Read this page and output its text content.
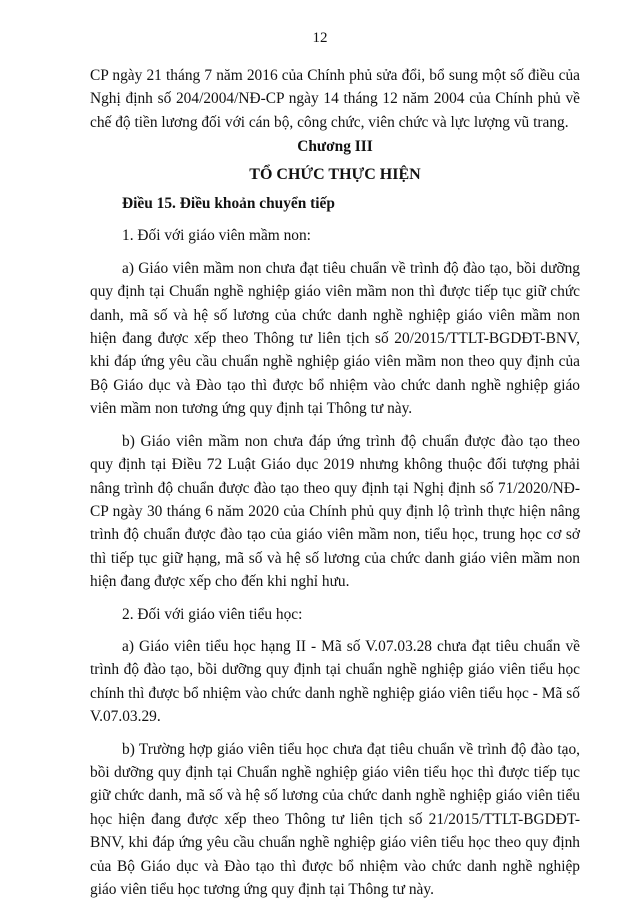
12

CP ngày 21 tháng 7 năm 2016 của Chính phủ sửa đổi, bổ sung một số điều của Nghị định số 204/2004/NĐ-CP ngày 14 tháng 12 năm 2004 của Chính phủ về chế độ tiền lương đối với cán bộ, công chức, viên chức và lực lượng vũ trang.

Chương III

TỔ CHỨC THỰC HIỆN

Điều 15. Điều khoản chuyển tiếp

1. Đối với giáo viên mầm non:

a) Giáo viên mầm non chưa đạt tiêu chuẩn về trình độ đào tạo, bồi dưỡng quy định tại Chuẩn nghề nghiệp giáo viên mầm non thì được tiếp tục giữ chức danh, mã số và hệ số lương của chức danh nghề nghiệp giáo viên mầm non hiện đang được xếp theo Thông tư liên tịch số 20/2015/TTLT-BGDĐT-BNV, khi đáp ứng yêu cầu chuẩn nghề nghiệp giáo viên mầm non theo quy định của Bộ Giáo dục và Đào tạo thì được bổ nhiệm vào chức danh nghề nghiệp giáo viên mầm non tương ứng quy định tại Thông tư này.

b) Giáo viên mầm non chưa đáp ứng trình độ chuẩn được đào tạo theo quy định tại Điều 72 Luật Giáo dục 2019 nhưng không thuộc đối tượng phải nâng trình độ chuẩn được đào tạo theo quy định tại Nghị định số 71/2020/NĐ-CP ngày 30 tháng 6 năm 2020 của Chính phủ quy định lộ trình thực hiện nâng trình độ chuẩn được đào tạo của giáo viên mầm non, tiểu học, trung học cơ sở thì tiếp tục giữ hạng, mã số và hệ số lương của chức danh giáo viên mầm non hiện đang được xếp cho đến khi nghỉ hưu.

2. Đối với giáo viên tiểu học:

a) Giáo viên tiểu học hạng II - Mã số V.07.03.28 chưa đạt tiêu chuẩn về trình độ đào tạo, bồi dưỡng quy định tại chuẩn nghề nghiệp giáo viên tiểu học chính thì được bổ nhiệm vào chức danh nghề nghiệp giáo viên tiểu học - Mã số V.07.03.29.

b) Trường hợp giáo viên tiểu học chưa đạt tiêu chuẩn về trình độ đào tạo, bồi dưỡng quy định tại Chuẩn nghề nghiệp giáo viên tiểu học thì được tiếp tục giữ chức danh, mã số và hệ số lương của chức danh nghề nghiệp giáo viên tiểu học hiện đang được xếp theo Thông tư liên tịch số 21/2015/TTLT-BGDĐT-BNV, khi đáp ứng yêu cầu chuẩn nghề nghiệp giáo viên tiểu học theo quy định của Bộ Giáo dục và Đào tạo thì được bổ nhiệm vào chức danh nghề nghiệp giáo viên tiểu học tương ứng quy định tại Thông tư này.
